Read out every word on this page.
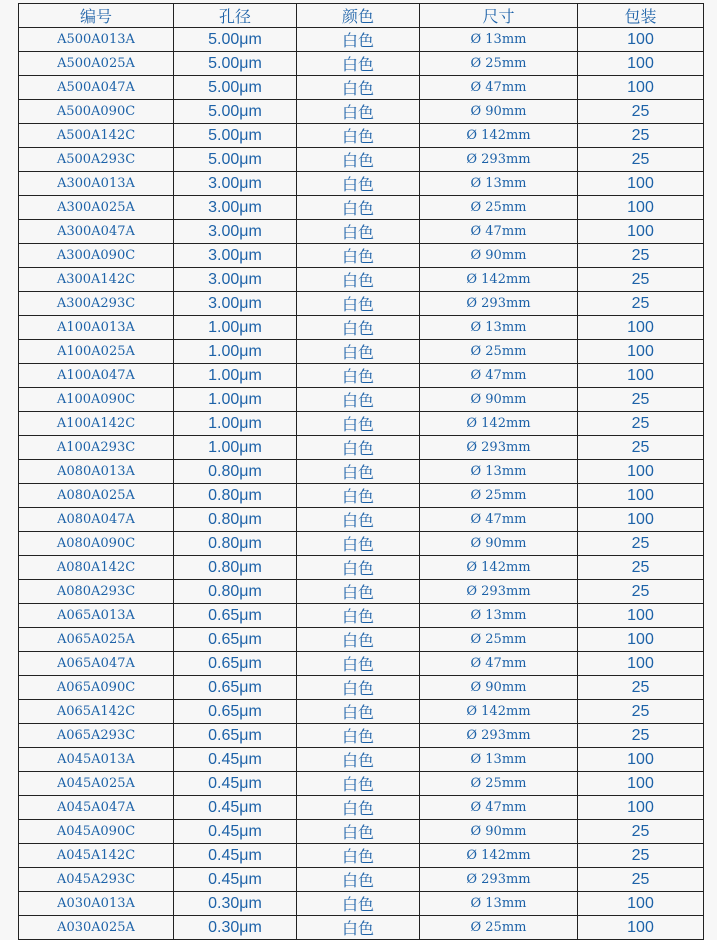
编号	孔径	颜色	尺寸	包装
A500A013A	5.00μm	白色	Ø 13mm	100
A500A025A	5.00μm	白色	Ø 25mm	100
A500A047A	5.00μm	白色	Ø 47mm	100
A500A090C	5.00μm	白色	Ø 90mm	25
A500A142C	5.00μm	白色	Ø 142mm	25
A500A293C	5.00μm	白色	Ø 293mm	25
A300A013A	3.00μm	白色	Ø 13mm	100
A300A025A	3.00μm	白色	Ø 25mm	100
A300A047A	3.00μm	白色	Ø 47mm	100
A300A090C	3.00μm	白色	Ø 90mm	25
A300A142C	3.00μm	白色	Ø 142mm	25
A300A293C	3.00μm	白色	Ø 293mm	25
A100A013A	1.00μm	白色	Ø 13mm	100
A100A025A	1.00μm	白色	Ø 25mm	100
A100A047A	1.00μm	白色	Ø 47mm	100
A100A090C	1.00μm	白色	Ø 90mm	25
A100A142C	1.00μm	白色	Ø 142mm	25
A100A293C	1.00μm	白色	Ø 293mm	25
A080A013A	0.80μm	白色	Ø 13mm	100
A080A025A	0.80μm	白色	Ø 25mm	100
A080A047A	0.80μm	白色	Ø 47mm	100
A080A090C	0.80μm	白色	Ø 90mm	25
A080A142C	0.80μm	白色	Ø 142mm	25
A080A293C	0.80μm	白色	Ø 293mm	25
A065A013A	0.65μm	白色	Ø 13mm	100
A065A025A	0.65μm	白色	Ø 25mm	100
A065A047A	0.65μm	白色	Ø 47mm	100
A065A090C	0.65μm	白色	Ø 90mm	25
A065A142C	0.65μm	白色	Ø 142mm	25
A065A293C	0.65μm	白色	Ø 293mm	25
A045A013A	0.45μm	白色	Ø 13mm	100
A045A025A	0.45μm	白色	Ø 25mm	100
A045A047A	0.45μm	白色	Ø 47mm	100
A045A090C	0.45μm	白色	Ø 90mm	25
A045A142C	0.45μm	白色	Ø 142mm	25
A045A293C	0.45μm	白色	Ø 293mm	25
A030A013A	0.30μm	白色	Ø 13mm	100
A030A025A	0.30μm	白色	Ø 25mm	100
